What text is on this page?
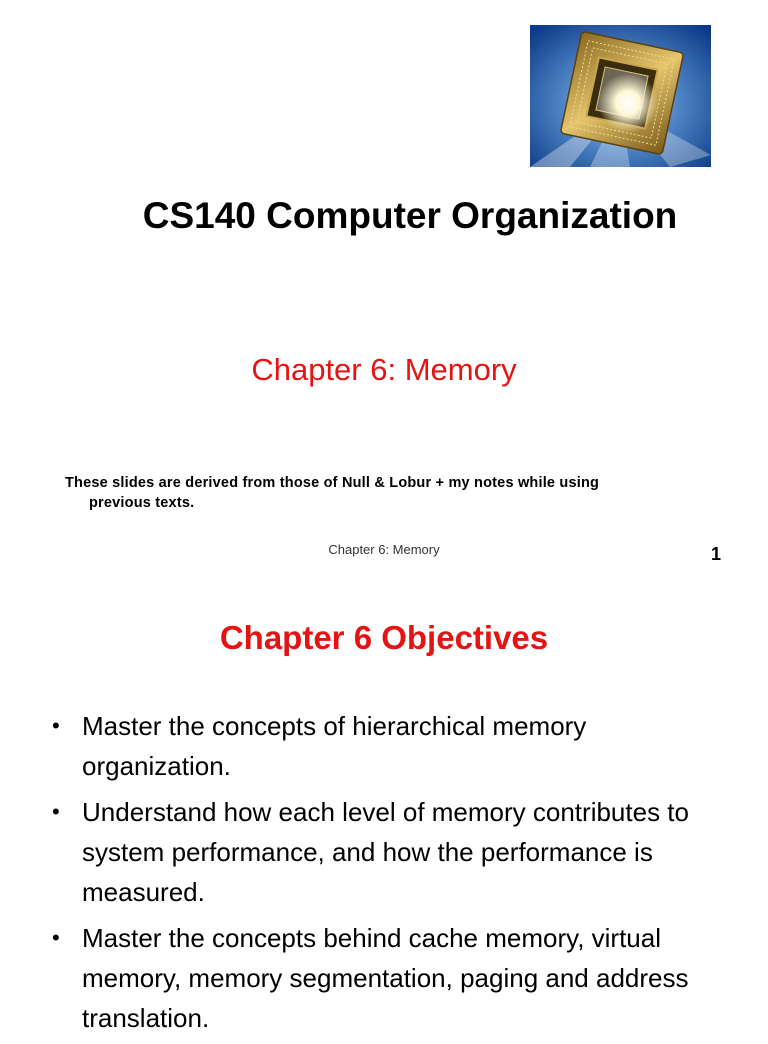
CS140 Computer Organization
Chapter 6: Memory
These slides are derived from those of Null & Lobur + my notes while using
previous texts.
Chapter 6: Memory	1
Chapter 6 Objectives
• Master the concepts of hierarchical memory organization.
• Understand how each level of memory contributes to system performance, and how the performance is measured.
• Master the concepts behind cache memory, virtual memory, memory segmentation, paging and address translation.
